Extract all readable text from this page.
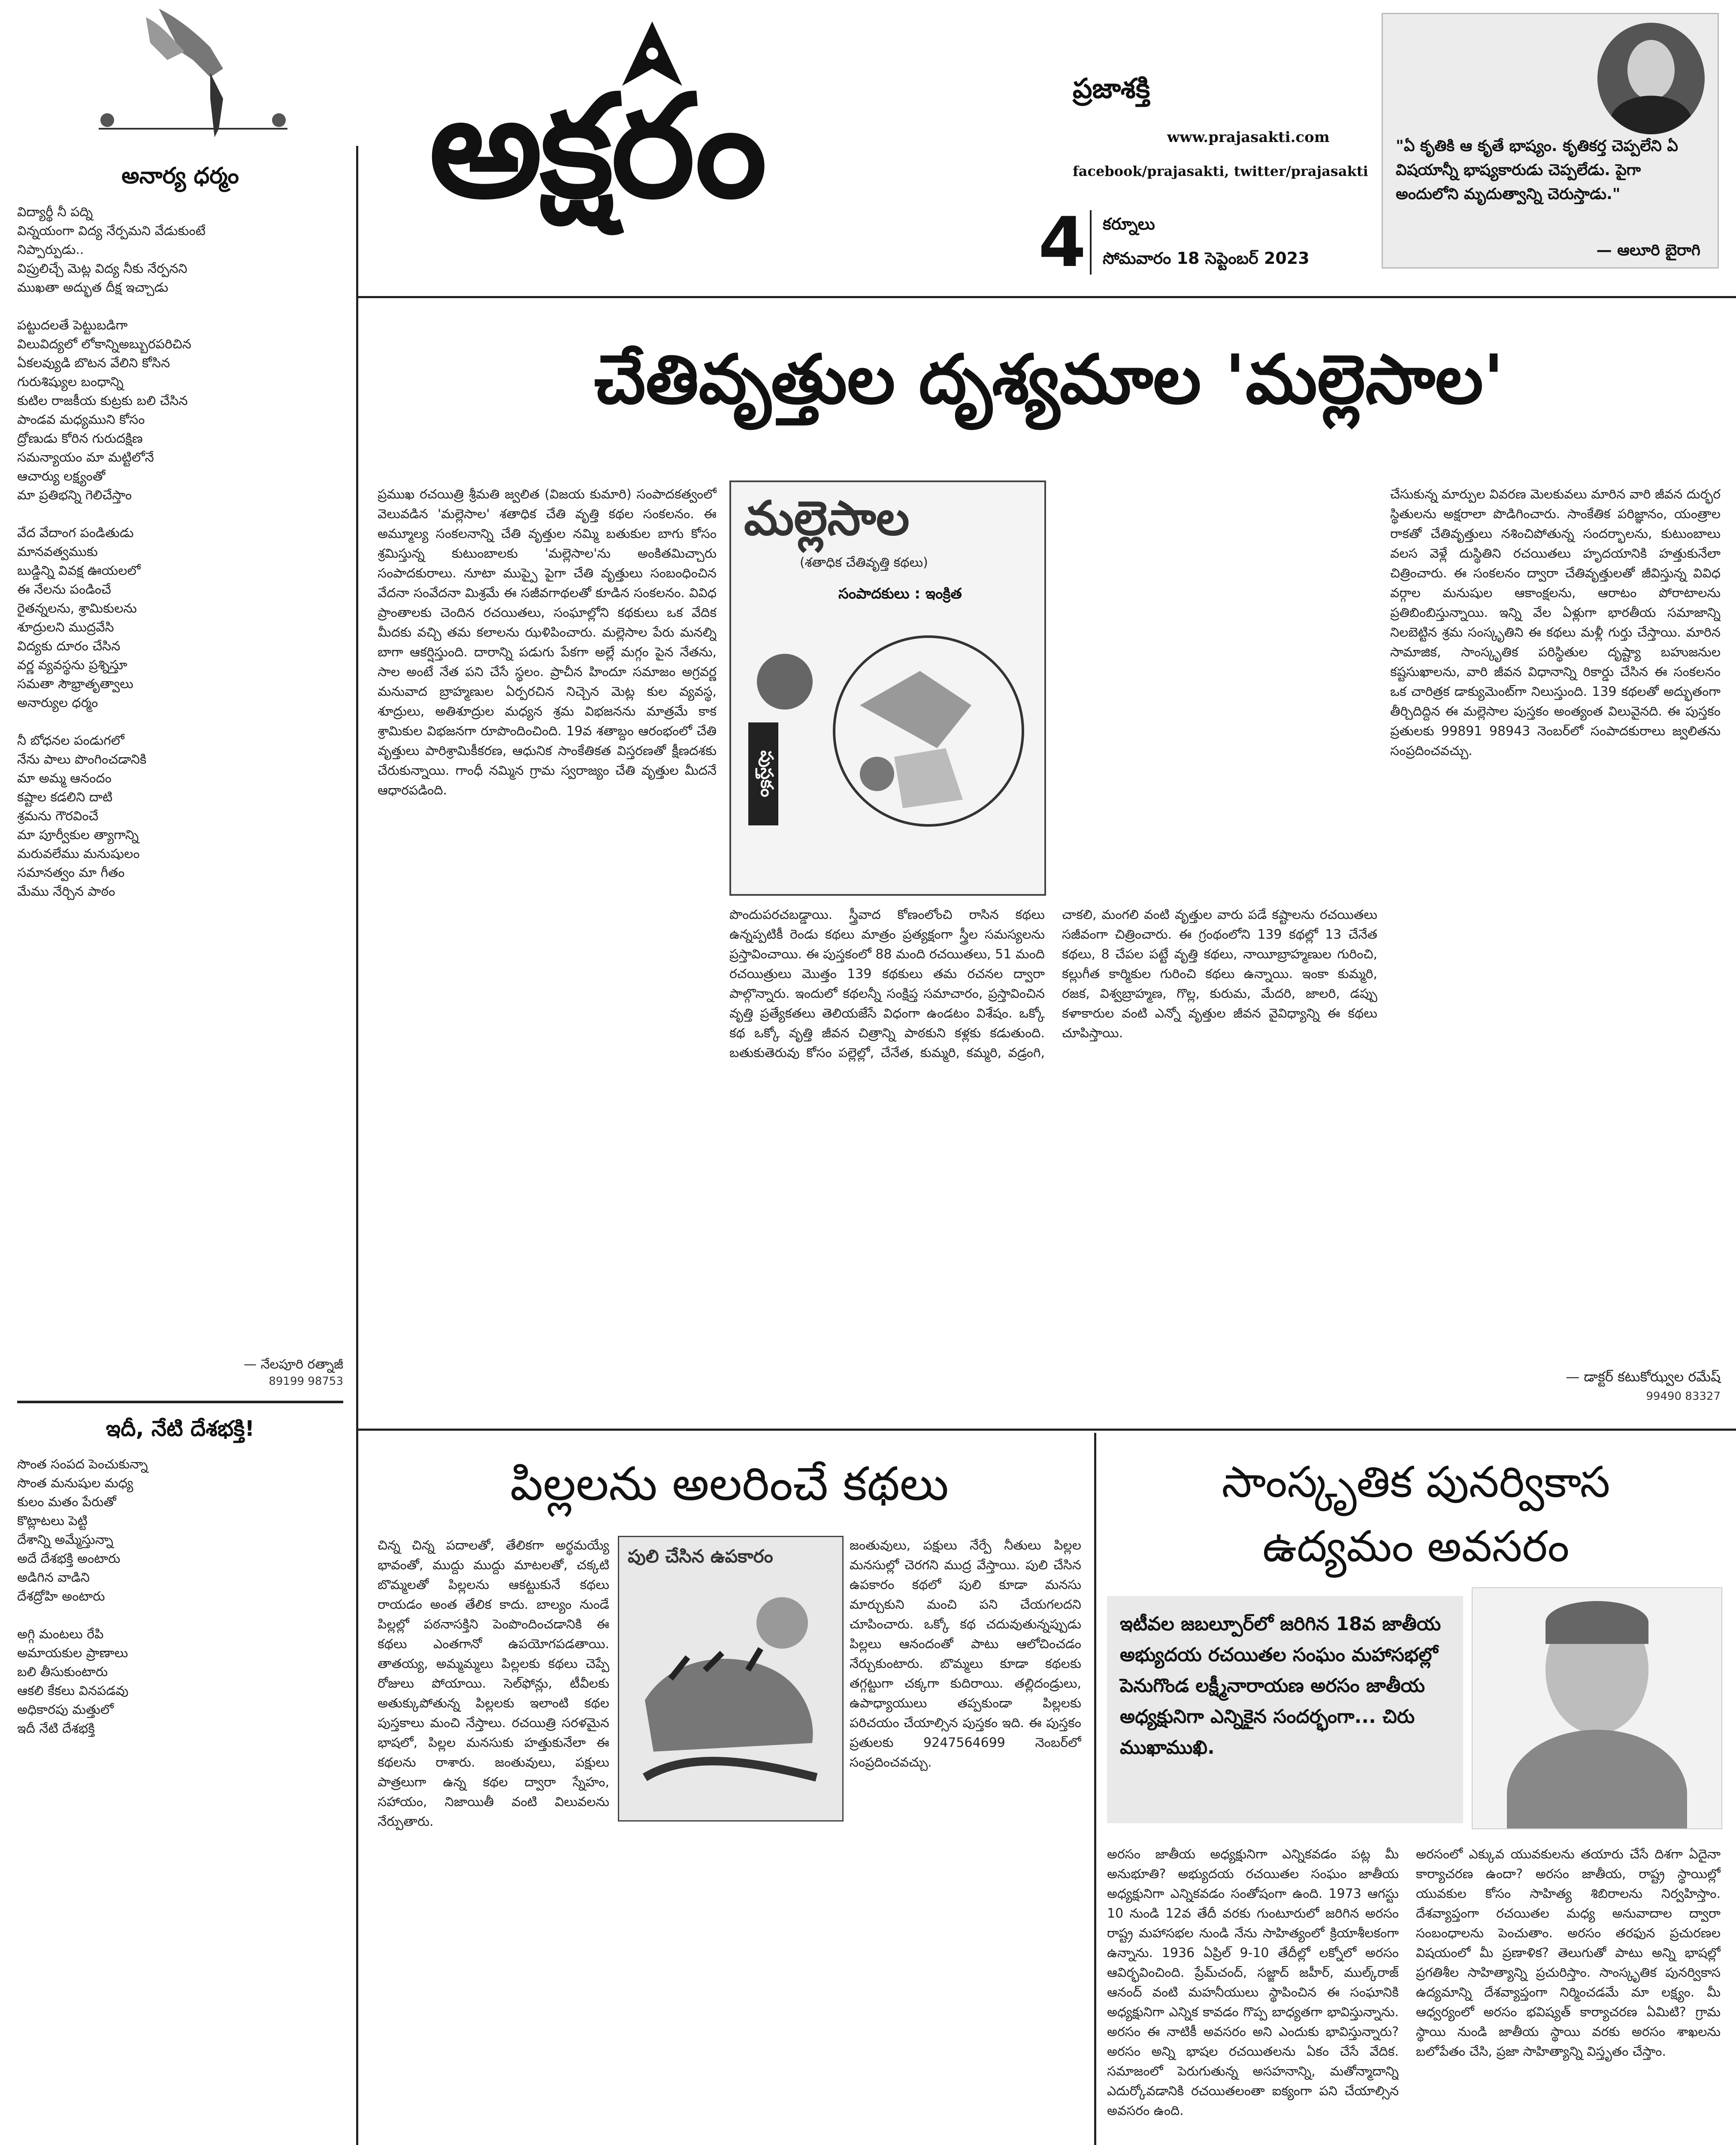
అక్షరం	ప్రజాశక్తి
www.prajasakti.com
facebook/prajasakti, twitter/prajasakti
4 కర్నూలు
సోమవారం 18 సెప్టెంబర్ 2023
"ఏ కృతికి ఆ కృతే భాష్యం. కృతికర్త చెప్పలేని ఏ విషయాన్నీ భాష్యకారుడు చెప్పలేడు. పైగా అందులోని మృదుత్వాన్ని చెరుస్తాడు."
— ఆలూరి బైరాగి
అనార్య ధర్మం
విద్యార్థీ నీ పద్ని
విన్నయంగా విద్య నేర్పమని వేడుకుంటే
నిప్పార్పుడు..
విప్రులిచ్చే మెట్ల విద్య నీకు నేర్పనని
ముఖతా అద్భుత దీక్ష ఇచ్చాడు

పట్టుదలతే పెట్టుబడిగా
విలువిద్యలో లోకాన్నిఅబ్బురపరిచిన
ఏకలవ్యుడి బొటన వేలిని కోసిన
గురుశిష్యుల బంధాన్ని
కుటిల రాజకీయ కుట్రకు బలి చేసిన
పాండవ మధ్యముని కోసం
ద్రోణుడు కోరిన గురుదక్షిణ
సమన్యాయం మా మట్టిలోనే
ఆచార్యు లక్ష్యంతో
మా ప్రతిభన్ని గెలిచేస్తాం

వేద వేదాంగ పండితుడు
మానవత్వముకు
బుడ్డిన్ని వివక్ష ఊయలలో
ఈ నేలను పండించే
రైతన్నలను, శ్రామికులను
శూద్రులని ముద్రవేసి
విద్యకు దూరం చేసిన
వర్ణ వ్యవస్థను ప్రశ్నిస్తూ
సమతా సౌభ్రాతృత్వాలు
అనార్యుల ధర్మం

నీ బోధనల పండుగలో
నేను పాలు పొంగించడానికి
మా అమ్మ ఆనందం
కష్టాల కడలిని దాటి
శ్రమను గౌరవించే
మా పూర్వీకుల త్యాగాన్ని
మరువలేము మనుషులం
సమానత్వం మా గీతం
మేము నేర్చిన పాఠం
— నేలపూరి రత్నాజీ
89199 98753
ఇదీ, నేటి దేశభక్తి!
సొంత సంపద పెంచుకున్నా
సొంత మనుషుల మధ్య
కులం మతం పేరుతో
కొట్లాటలు పెట్టి
దేశాన్ని అమ్మేస్తున్నా
అదే దేశభక్తి అంటారు
అడిగిన వాడిని
దేశద్రోహి అంటారు

అగ్గి మంటలు రేపి
అమాయకుల ప్రాణాలు
బలి తీసుకుంటారు
ఆకలి కేకలు వినపడవు
అధికారపు మత్తులో
ఇదీ నేటి దేశభక్తి
చేతివృత్తుల దృశ్యమాల 'మల్లెసాల'
మల్లెసాల
(శతాధిక చేతివృత్తి కథలు)
సంపాదకులు : ఇంక్రిత
పుస్తకం
ప్రముఖ రచయిత్రి శ్రీమతి జ్వలిత (విజయ కుమారి) సంపాదకత్వంలో వెలువడిన 'మల్లెసాల' శతాధిక చేతి వృత్తి కథల సంకలనం. ఈ అమ్మూల్య సంకలనాన్ని చేతి వృత్తుల నమ్మి బతుకుల బాగు కోసం శ్రమిస్తున్న కుటుంబాలకు 'మల్లెసాల'ను అంకితమిచ్చారు సంపాదకురాలు. నూటా ముప్పై పైగా చేతి వృత్తులు సంబంధించిన వేదనా సంవేదనా మిశ్రమే ఈ సజీవగాథలతో కూడిన సంకలనం. వివిధ ప్రాంతాలకు చెందిన రచయితలు, సంఘాల్లోని కథకులు ఒక వేదిక మీదకు వచ్చి తమ కలాలను ఝళిపించారు. మల్లెసాల పేరు మనల్ని బాగా ఆకర్షిస్తుంది. దారాన్ని పడుగు పేకగా అల్లే మగ్గం పైన నేతను, సాల అంటే నేత పని చేసే స్థలం. ప్రాచీన హిందూ సమాజం అగ్రవర్ణ మనువాద బ్రాహ్మణుల ఏర్పరచిన నిచ్చెన మెట్ల కుల వ్యవస్థ, శూద్రులు, అతిశూద్రుల మధ్యన శ్రమ విభజనను మాత్రమే కాక శ్రామికుల విభజనగా రూపొందించింది. 19వ శతాబ్దం ఆరంభంలో చేతి వృత్తులు పారిశ్రామికీకరణ, ఆధునిక సాంకేతికత విస్తరణతో క్షీణదశకు చేరుకున్నాయి. గాంధీ నమ్మిన గ్రామ స్వరాజ్యం చేతి వృత్తుల మీదనే ఆధారపడింది.
పొందుపరచబడ్డాయి. స్త్రీవాద కోణంలోంచి రాసిన కథలు ఉన్నప్పటికీ రెండు కథలు మాత్రం ప్రత్యక్షంగా స్త్రీల సమస్యలను ప్రస్తావించాయి. ఈ పుస్తకంలో 88 మంది రచయితలు, 51 మంది రచయిత్రులు మొత్తం 139 కథకులు తమ రచనల ద్వారా పాల్గొన్నారు. ఇందులో కథలన్నీ సంక్షిప్త సమాచారం, ప్రస్తావించిన వృత్తి ప్రత్యేకతలు తెలియజేసే విధంగా ఉండటం విశేషం. ఒక్కో కథ ఒక్కో వృత్తి జీవన చిత్రాన్ని పాఠకుని కళ్లకు కడుతుంది. బతుకుతెరువు కోసం పల్లెల్లో, చేనేత, కుమ్మరి, కమ్మరి, వడ్రంగి, చాకలి, మంగలి వంటి వృత్తుల వారు పడే కష్టాలను రచయితలు సజీవంగా చిత్రించారు. ఈ గ్రంథంలోని 139 కథల్లో 13 చేనేత కథలు, 8 చేపల పట్టే వృత్తి కథలు, నాయీబ్రాహ్మణుల గురించి, కల్లుగీత కార్మికుల గురించి కథలు ఉన్నాయి. ఇంకా కుమ్మరి, రజక, విశ్వబ్రాహ్మణ, గొల్ల, కురుమ, మేదరి, జాలరి, డప్పు కళాకారుల వంటి ఎన్నో వృత్తుల జీవన వైవిధ్యాన్ని ఈ కథలు చూపిస్తాయి.
చేసుకున్న మార్పుల వివరణ మెలకువలు మారిన వారి జీవన దుర్భర స్థితులను అక్షరాలా పొడిగించారు. సాంకేతిక పరిజ్ఞానం, యంత్రాల రాకతో చేతివృత్తులు నశించిపోతున్న సందర్భాలను, కుటుంబాలు వలస వెళ్లే దుస్థితిని రచయితలు హృదయానికి హత్తుకునేలా చిత్రించారు. ఈ సంకలనం ద్వారా చేతివృత్తులతో జీవిస్తున్న వివిధ వర్గాల మనుషుల ఆకాంక్షలను, ఆరాటం పోరాటాలను ప్రతిబింబిస్తున్నాయి. ఇన్ని వేల ఏళ్లుగా భారతీయ సమాజాన్ని నిలబెట్టిన శ్రమ సంస్కృతిని ఈ కథలు మళ్లీ గుర్తు చేస్తాయి. మారిన సామాజిక, సాంస్కృతిక పరిస్థితుల దృష్ట్యా బహుజనుల కష్టసుఖాలను, వారి జీవన విధానాన్ని రికార్డు చేసిన ఈ సంకలనం ఒక చారిత్రక డాక్యుమెంట్‌గా నిలుస్తుంది. 139 కథలతో అద్భుతంగా తీర్చిదిద్దిన ఈ మల్లెసాల పుస్తకం అంత్యంత విలువైనది. ఈ పుస్తకం ప్రతులకు 99891 98943 నెంబర్‌లో సంపాదకురాలు జ్వలితను సంప్రదించవచ్చు.
— డాక్టర్ కటుకోఝ్వల రమేష్
99490 83327
పిల్లలను అలరించే కథలు
పులి చేసిన ఉపకారం
చిన్న చిన్న పదాలతో, తేలికగా అర్థమయ్యే భావంతో, ముద్దు ముద్దు మాటలతో, చక్కటి బొమ్మలతో పిల్లలను ఆకట్టుకునే కథలు రాయడం అంత తేలిక కాదు. బాల్యం నుండే పిల్లల్లో పఠనాసక్తిని పెంపొందించడానికి ఈ కథలు ఎంతగానో ఉపయోగపడతాయి. తాతయ్య, అమ్మమ్మలు పిల్లలకు కథలు చెప్పే రోజులు పోయాయి. సెల్‌ఫోన్లు, టీవీలకు అతుక్కుపోతున్న పిల్లలకు ఇలాంటి కథల పుస్తకాలు మంచి నేస్తాలు. రచయిత్రి సరళమైన భాషలో, పిల్లల మనసుకు హత్తుకునేలా ఈ కథలను రాశారు. జంతువులు, పక్షులు పాత్రలుగా ఉన్న కథల ద్వారా స్నేహం, సహాయం, నిజాయితీ వంటి విలువలను నేర్పుతారు.
జంతువులు, పక్షులు నేర్పే నీతులు పిల్లల మనసుల్లో చెరగని ముద్ర వేస్తాయి. పులి చేసిన ఉపకారం కథలో పులి కూడా మనసు మార్చుకుని మంచి పని చేయగలదని చూపించారు. ఒక్కో కథ చదువుతున్నప్పుడు పిల్లలు ఆనందంతో పాటు ఆలోచించడం నేర్చుకుంటారు. బొమ్మలు కూడా కథలకు తగ్గట్టుగా చక్కగా కుదిరాయి. తల్లిదండ్రులు, ఉపాధ్యాయులు తప్పకుండా పిల్లలకు పరిచయం చేయాల్సిన పుస్తకం ఇది. ఈ పుస్తకం ప్రతులకు 9247564699 నెంబర్‌లో సంప్రదించవచ్చు.
సాంస్కృతిక పునర్వికాస
ఉద్యమం అవసరం
ఇటీవల జబల్పూర్‌లో జరిగిన 18వ జాతీయ అభ్యుదయ రచయితల సంఘం మహాసభల్లో పెనుగొండ లక్ష్మీనారాయణ అరసం జాతీయ అధ్యక్షునిగా ఎన్నికైన సందర్భంగా... చిరు ముఖాముఖి.
అరసం జాతీయ అధ్యక్షునిగా ఎన్నికవడం పట్ల మీ అనుభూతి? అభ్యుదయ రచయితల సంఘం జాతీయ అధ్యక్షునిగా ఎన్నికవడం సంతోషంగా ఉంది. 1973 ఆగస్టు 10 నుండి 12వ తేదీ వరకు గుంటూరులో జరిగిన అరసం రాష్ట్ర మహాసభల నుండి నేను సాహిత్యంలో క్రియాశీలకంగా ఉన్నాను. 1936 ఏప్రిల్ 9-10 తేదీల్లో లక్నోలో అరసం ఆవిర్భవించింది. ప్రేమ్‌చంద్, సజ్జాద్ జహీర్, ముల్క్‌రాజ్ ఆనంద్ వంటి మహనీయులు స్థాపించిన ఈ సంఘానికి అధ్యక్షునిగా ఎన్నిక కావడం గొప్ప బాధ్యతగా భావిస్తున్నాను. అరసం ఈ నాటికీ అవసరం అని ఎందుకు భావిస్తున్నారు? అరసం అన్ని భాషల రచయితలను ఏకం చేసే వేదిక. సమాజంలో పెరుగుతున్న అసహనాన్ని, మతోన్మాదాన్ని ఎదుర్కోవడానికి రచయితలంతా ఐక్యంగా పని చేయాల్సిన అవసరం ఉంది.
అరసంలో ఎక్కువ యువకులను తయారు చేసే దిశగా ఏదైనా కార్యాచరణ ఉందా? అరసం జాతీయ, రాష్ట్ర స్థాయిల్లో యువకుల కోసం సాహిత్య శిబిరాలను నిర్వహిస్తాం. దేశవ్యాప్తంగా రచయితల మధ్య అనువాదాల ద్వారా సంబంధాలను పెంచుతాం. అరసం తరఫున ప్రచురణల విషయంలో మీ ప్రణాళిక? తెలుగుతో పాటు అన్ని భాషల్లో ప్రగతిశీల సాహిత్యాన్ని ప్రచురిస్తాం. సాంస్కృతిక పునర్వికాస ఉద్యమాన్ని దేశవ్యాప్తంగా నిర్మించడమే మా లక్ష్యం. మీ ఆధ్వర్యంలో అరసం భవిష్యత్ కార్యాచరణ ఏమిటి? గ్రామ స్థాయి నుండి జాతీయ స్థాయి వరకు అరసం శాఖలను బలోపేతం చేసి, ప్రజా సాహిత్యాన్ని విస్తృతం చేస్తాం.
